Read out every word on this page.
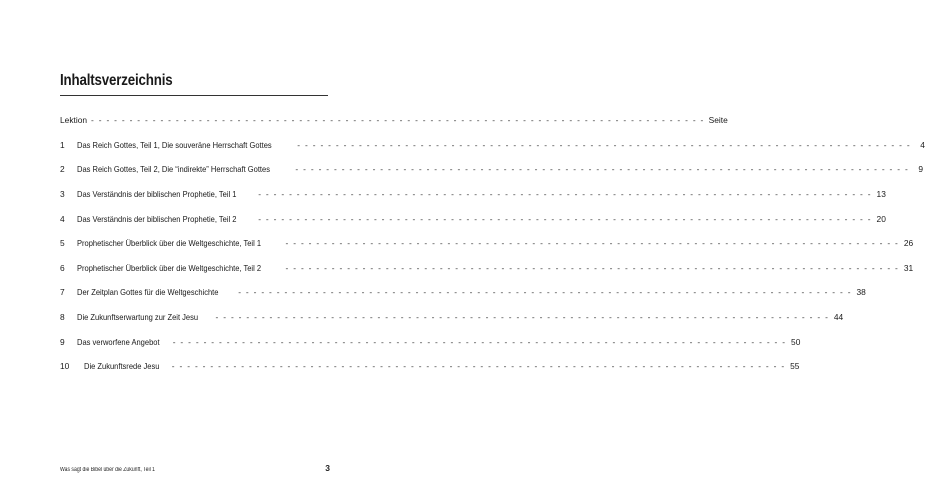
Inhaltsverzeichnis
Lektion - - - - - - - - - - - - - - - - - - - - - - - - - - - - - - - - - - - - - - - - - - - - - - - - - - - - - - - - - - - - - - - - - - - - - - - - - - - - - - - - Seite
1	Das Reich Gottes, Teil 1, Die souveräne Herrschaft Gottes	- - - - - - - - - - - - - - - - - - - - - - - - - - - - - - - - - - - - - - - - - - - - - - - - - - - - - - - - - - - - - - - - - - - - - - - - - - - - - - - -	4
2	Das Reich Gottes, Teil 2, Die “indirekte” Herrschaft Gottes	- - - - - - - - - - - - - - - - - - - - - - - - - - - - - - - - - - - - - - - - - - - - - - - - - - - - - - - - - - - - - - - - - - - - - - - - - - - - - - - -	9
3	Das Verständnis der biblischen Prophetie, Teil 1	- - - - - - - - - - - - - - - - - - - - - - - - - - - - - - - - - - - - - - - - - - - - - - - - - - - - - - - - - - - - - - - - - - - - - - - - - - - - - - - - 13
4	Das Verständnis der biblischen Prophetie, Teil 2	- - - - - - - - - - - - - - - - - - - - - - - - - - - - - - - - - - - - - - - - - - - - - - - - - - - - - - - - - - - - - - - - - - - - - - - - - - - - - - - - 20
5	Prophetischer Überblick über die Weltgeschichte, Teil 1	- - - - - - - - - - - - - - - - - - - - - - - - - - - - - - - - - - - - - - - - - - - - - - - - - - - - - - - - - - - - - - - - - - - - - - - - - - - - - - - - 26
6	Prophetischer Überblick über die Weltgeschichte, Teil 2	- - - - - - - - - - - - - - - - - - - - - - - - - - - - - - - - - - - - - - - - - - - - - - - - - - - - - - - - - - - - - - - - - - - - - - - - - - - - - - - - 31
7	Der Zeitplan Gottes für die Weltgeschichte - - - - - - - - - - - - - - - - - - - - - - - - - - - - - - - - - - - - - - - - - - - - - - - - - - - - - - - - - - - - - - - - - - - - - - - - - - - - - - - - 38
8	Die Zukunftserwartung zur Zeit Jesu - - - - - - - - - - - - - - - - - - - - - - - - - - - - - - - - - - - - - - - - - - - - - - - - - - - - - - - - - - - - - - - - - - - - - - - - - - - - - - - - 44
9	Das verworfene Angebot - - - - - - - - - - - - - - - - - - - - - - - - - - - - - - - - - - - - - - - - - - - - - - - - - - - - - - - - - - - - - - - - - - - - - - - - - - - - - - - - 50
10	Die Zukunftsrede Jesu - - - - - - - - - - - - - - - - - - - - - - - - - - - - - - - - - - - - - - - - - - - - - - - - - - - - - - - - - - - - - - - - - - - - - - - - - - - - - - - - 55
Was sagt die Bibel über die Zukunft, Teil 1	3
